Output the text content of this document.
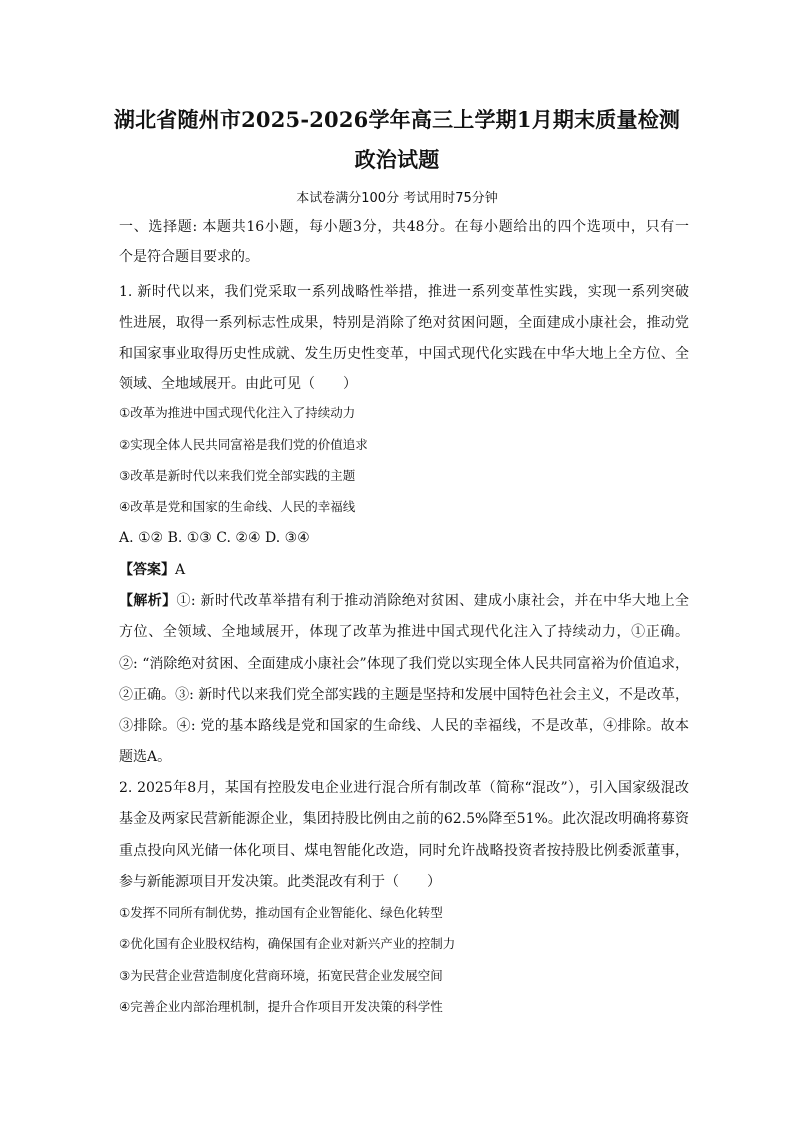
湖北省随州市2025-2026学年高三上学期1月期末质量检测
政治试题
本试卷满分100分 考试用时75分钟
一、选择题: 本题共16小题，每小题3分，共48分。在每小题给出的四个选项中，只有一
个是符合题目要求的。
1. 新时代以来，我们党采取一系列战略性举措，推进一系列变革性实践，实现一系列突破
性进展，取得一系列标志性成果，特别是消除了绝对贫困问题，全面建成小康社会，推动党
和国家事业取得历史性成就、发生历史性变革，中国式现代化实践在中华大地上全方位、全
领域、全地域展开。由此可见（　　）
①改革为推进中国式现代化注入了持续动力
②实现全体人民共同富裕是我们党的价值追求
③改革是新时代以来我们党全部实践的主题
④改革是党和国家的生命线、人民的幸福线
A. ①② B. ①③ C. ②④ D. ③④
【答案】A
【解析】①: 新时代改革举措有利于推动消除绝对贫困、建成小康社会，并在中华大地上全
方位、全领域、全地域展开，体现了改革为推进中国式现代化注入了持续动力，①正确。
②: “消除绝对贫困、全面建成小康社会”体现了我们党以实现全体人民共同富裕为价值追求，
②正确。③: 新时代以来我们党全部实践的主题是坚持和发展中国特色社会主义，不是改革，
③排除。④: 党的基本路线是党和国家的生命线、人民的幸福线，不是改革，④排除。故本
题选A。
2. 2025年8月，某国有控股发电企业进行混合所有制改革（简称“混改”），引入国家级混改
基金及两家民营新能源企业，集团持股比例由之前的62.5%降至51%。此次混改明确将募资
重点投向风光储一体化项目、煤电智能化改造，同时允许战略投资者按持股比例委派董事，
参与新能源项目开发决策。此类混改有利于（　　）
①发挥不同所有制优势，推动国有企业智能化、绿色化转型
②优化国有企业股权结构，确保国有企业对新兴产业的控制力
③为民营企业营造制度化营商环境，拓宽民营企业发展空间
④完善企业内部治理机制，提升合作项目开发决策的科学性
